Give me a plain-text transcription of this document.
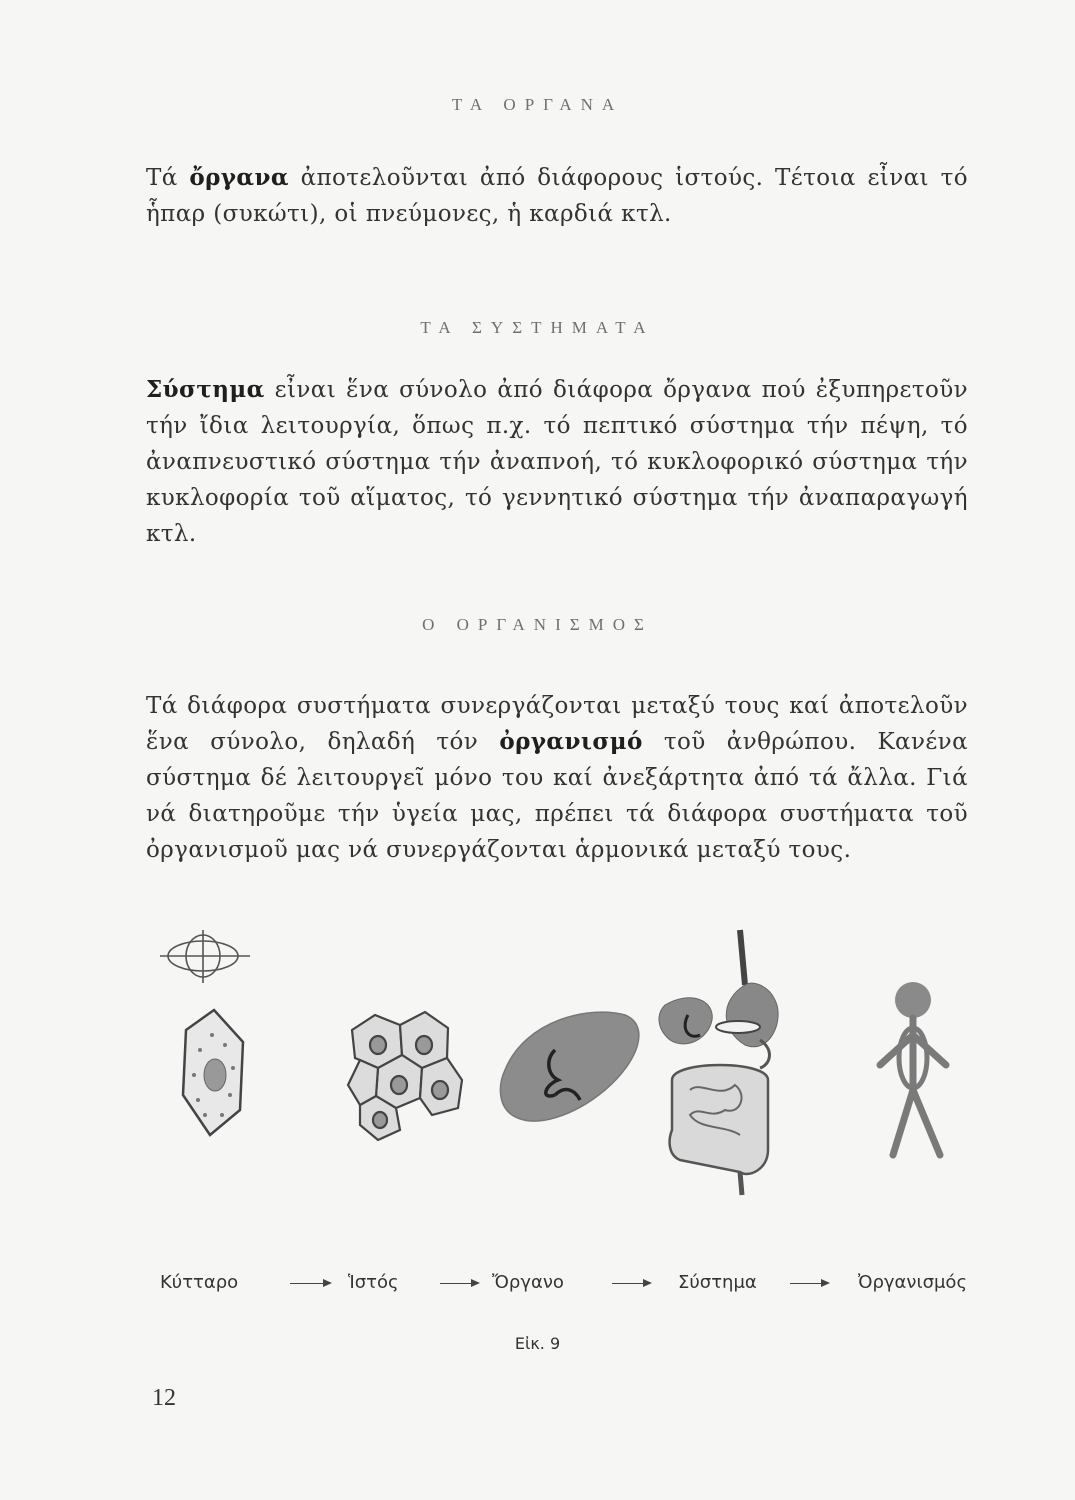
ΤΑ ΟΡΓΑΝΑ
Τά ὄργανα ἀποτελοῦνται ἀπό διάφορους ἱστούς. Τέτοια εἶναι τό ἧπαρ (συκώτι), οἱ πνεύμονες, ἡ καρδιά κτλ.
ΤΑ ΣΥΣΤΗΜΑΤΑ
Σύστημα εἶναι ἕνα σύνολο ἀπό διάφορα ὄργανα πού ἐξυπηρετοῦν τήν ἴδια λειτουργία, ὅπως π.χ. τό πεπτικό σύστημα τήν πέψη, τό ἀναπνευστικό σύστημα τήν ἀναπνοή, τό κυκλοφορικό σύστημα τήν κυκλοφορία τοῦ αἵματος, τό γεννητικό σύστημα τήν ἀναπαραγωγή κτλ.
Ο ΟΡΓΑΝΙΣΜΟΣ
Τά διάφορα συστήματα συνεργάζονται μεταξύ τους καί ἀποτελοῦν ἕνα σύνολο, δηλαδή τόν ὀργανισμό τοῦ ἀνθρώπου. Κανένα σύστημα δέ λειτουργεῖ μόνο του καί ἀνεξάρτητα ἀπό τά ἄλλα. Γιά νά διατηροῦμε τήν ὑγεία μας, πρέπει τά διάφορα συστήματα τοῦ ὀργανισμοῦ μας νά συνεργάζονται ἁρμονικά μεταξύ τους.
Κύτταρο	Ἱστός	Ὄργανο	Σύστημα	Ὀργανισμός
Εἰκ. 9
12
